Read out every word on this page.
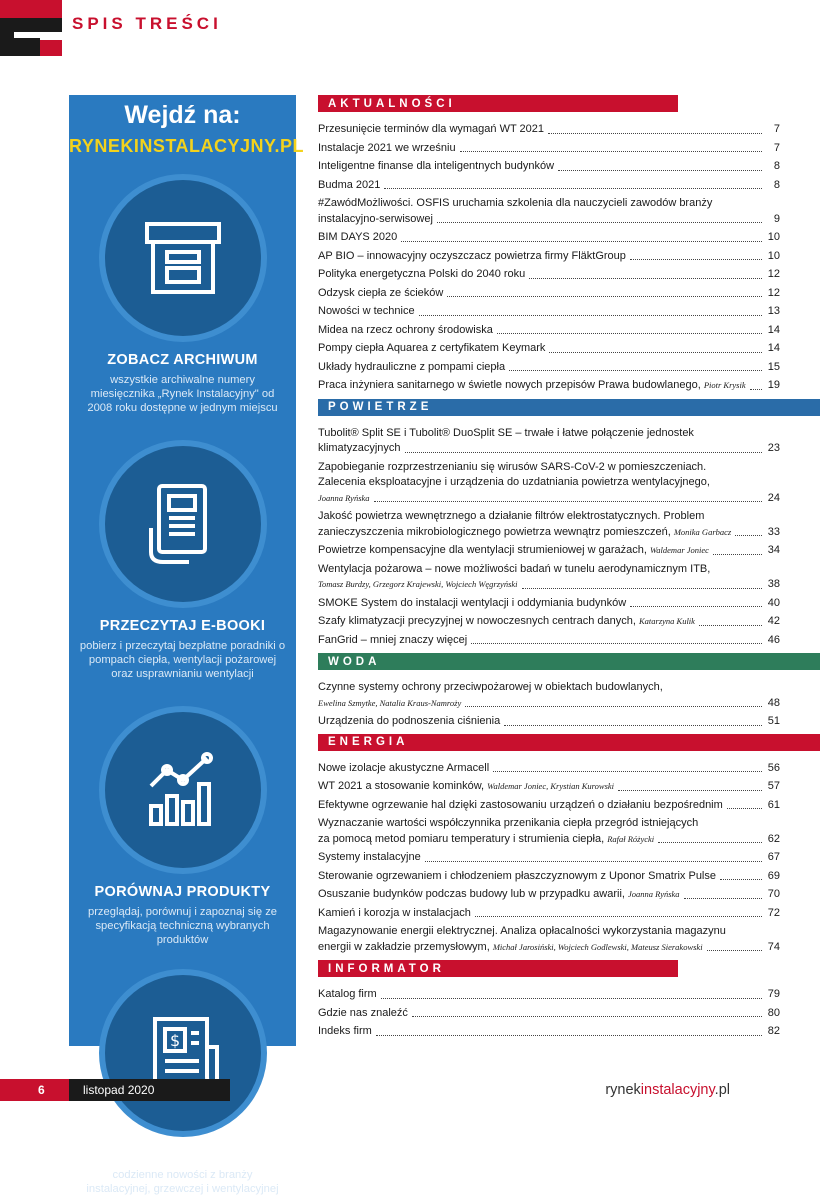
SPIS TREŚCI
Wejdź na:
RYNEKINSTALACYJNY.PL
ZOBACZ ARCHIWUM
wszystkie archiwalne numery miesięcznika „Rynek Instalacyjny" od 2008 roku dostępne w jednym miejscu
PRZECZYTAJ E-BOOKI
pobierz i przeczytaj bezpłatne poradniki o pompach ciepła, wentylacji pożarowej oraz usprawnianiu wentylacji
PORÓWNAJ PRODUKTY
przeglądaj, porównuj i zapoznaj się ze specyfikacją techniczną wybranych produktów
$
SPRAWDŹ AKTUALNOŚCI
codzienne nowości z branży instalacyjnej, grzewczej i wentylacyjnej
AKTUALNOŚCI
Przesunięcie terminów dla wymagań WT 2021	7
Instalacje 2021 we wrześniu	7
Inteligentne finanse dla inteligentnych budynków	8
Budma 2021	8
#ZawódMożliwości. OSFIS uruchamia szkolenia dla nauczycieli zawodów branży
instalacyjno-serwisowej	9
BIM DAYS 2020	10
AP BIO – innowacyjny oczyszczacz powietrza firmy FläktGroup	10
Polityka energetyczna Polski do 2040 roku	12
Odzysk ciepła ze ścieków	12
Nowości w technice	13
Midea na rzecz ochrony środowiska	14
Pompy ciepła Aquarea z certyfikatem Keymark	14
Układy hydrauliczne z pompami ciepła	15
Praca inżyniera sanitarnego w świetle nowych przepisów Prawa budowlanego, Piotr Krysik 19
POWIETRZE
Tubolit® Split SE i Tubolit® DuoSplit SE – trwałe i łatwe połączenie jednostek
klimatyzacyjnych	23
Zapobieganie rozprzestrzenianiu się wirusów SARS-CoV-2 w pomieszczeniach.
Zalecenia eksploatacyjne i urządzenia do uzdatniania powietrza wentylacyjnego,
Joanna Ryńska	24
Jakość powietrza wewnętrznego a działanie filtrów elektrostatycznych. Problem
zanieczyszczenia mikrobiologicznego powietrza wewnątrz pomieszczeń, Monika Garbacz	33
Powietrze kompensacyjne dla wentylacji strumieniowej w garażach, Waldemar Joniec	34
Wentylacja pożarowa – nowe możliwości badań w tunelu aerodynamicznym ITB,
Tomasz Burdzy, Grzegorz Krajewski, Wojciech Węgrzyński	38
SMOKE System do instalacji wentylacji i oddymiania budynków	40
Szafy klimatyzacji precyzyjnej w nowoczesnych centrach danych, Katarzyna Kulik	42
FanGrid – mniej znaczy więcej	46
WODA
Czynne systemy ochrony przeciwpożarowej w obiektach budowlanych,
Ewelina Szmytke, Natalia Kraus-Namroży	48
Urządzenia do podnoszenia ciśnienia	51
ENERGIA
Nowe izolacje akustyczne Armacell	56
WT 2021 a stosowanie kominków, Waldemar Joniec, Krystian Kurowski	57
Efektywne ogrzewanie hal dzięki zastosowaniu urządzeń o działaniu bezpośrednim	61
Wyznaczanie wartości współczynnika przenikania ciepła przegród istniejących
za pomocą metod pomiaru temperatury i strumienia ciepła, Rafał Różycki	62
Systemy instalacyjne	67
Sterowanie ogrzewaniem i chłodzeniem płaszczyznowym z Uponor Smatrix Pulse	69
Osuszanie budynków podczas budowy lub w przypadku awarii, Joanna Ryńska	70
Kamień i korozja w instalacjach	72
Magazynowanie energii elektrycznej. Analiza opłacalności wykorzystania magazynu
energii w zakładzie przemysłowym, Michał Jarosiński, Wojciech Godlewski, Mateusz Sierakowski	74
INFORMATOR
Katalog firm	79
Gdzie nas znaleźć	80
Indeks firm	82
6	listopad 2020	rynekinstalacyjny.pl
